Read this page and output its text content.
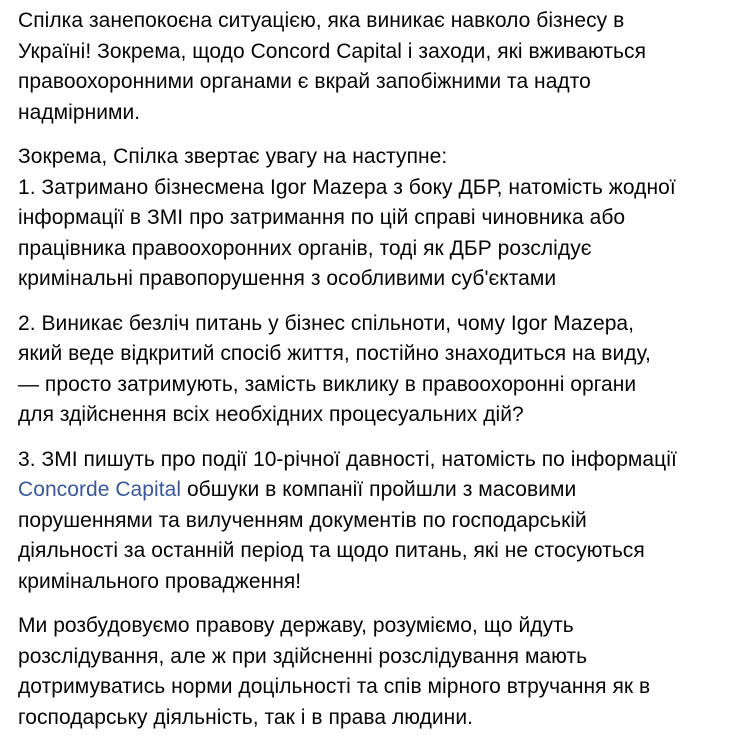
Спілка занепокоєна ситуацією, яка виникає навколо бізнесу в
Україні! Зокрема, щодо Concord Capital і заходи, які вживаються
правоохоронними органами є вкрай запобіжними та надто
надмірними.

Зокрема, Спілка звертає увагу на наступне:
1. Затримано бізнесмена Igor Mazepa з боку ДБР, натомість жодної
інформації в ЗМІ про затримання по цій справі чиновника або
працівника правоохоронних органів, тоді як ДБР розслідує
кримінальні правопорушення з особливими суб'єктами

2. Виникає безліч питань у бізнес спільноти, чому Igor Mazepa,
який веде відкритий спосіб життя, постійно знаходиться на виду,
— просто затримують, замість виклику в правоохоронні органи
для здійснення всіх необхідних процесуальних дій?

3. ЗМІ пишуть про події 10-річної давності, натомість по інформації
Concorde Capital обшуки в компанії пройшли з масовими
порушеннями та вилученням документів по господарській
діяльності за останній період та щодо питань, які не стосуються
кримінального провадження!

Ми розбудовуємо правову державу, розуміємо, що йдуть
розслідування, але ж при здійсненні розслідування мають
дотримуватись норми доцільності та спів мірного втручання як в
господарську діяльність, так і в права людини.
